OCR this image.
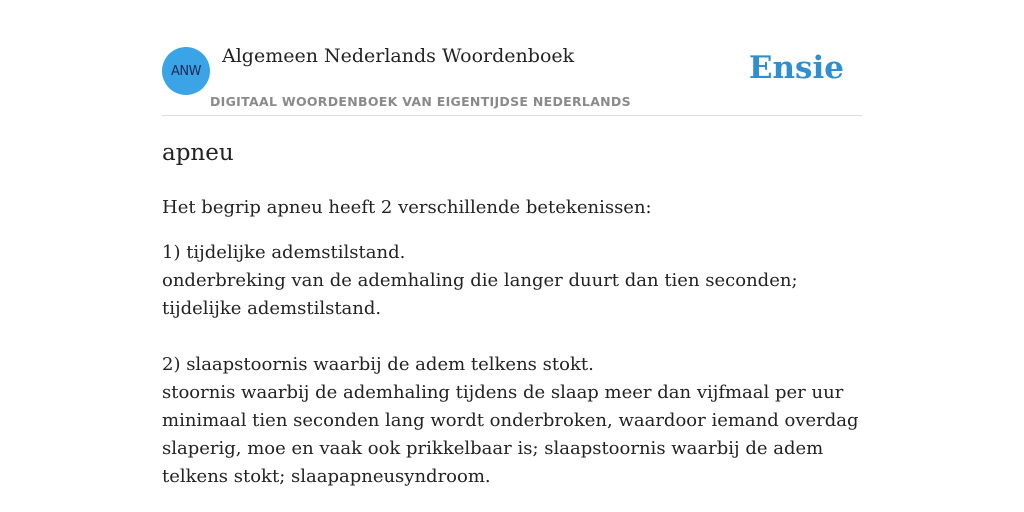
ANW
Algemeen Nederlands Woordenboek
DIGITAAL WOORDENBOEK VAN EIGENTIJDSE NEDERLANDS
Ensie
apneu
Het begrip apneu heeft 2 verschillende betekenissen:

1) tijdelijke ademstilstand.

onderbreking van de ademhaling die langer duurt dan tien seconden; tijdelijke ademstilstand.

2) slaapstoornis waarbij de adem telkens stokt.

stoornis waarbij de ademhaling tijdens de slaap meer dan vijfmaal per uur minimaal tien seconden lang wordt onderbroken, waardoor iemand overdag slaperig, moe en vaak ook prikkelbaar is; slaapstoornis waarbij de adem telkens stokt; slaapapneusyndroom.
